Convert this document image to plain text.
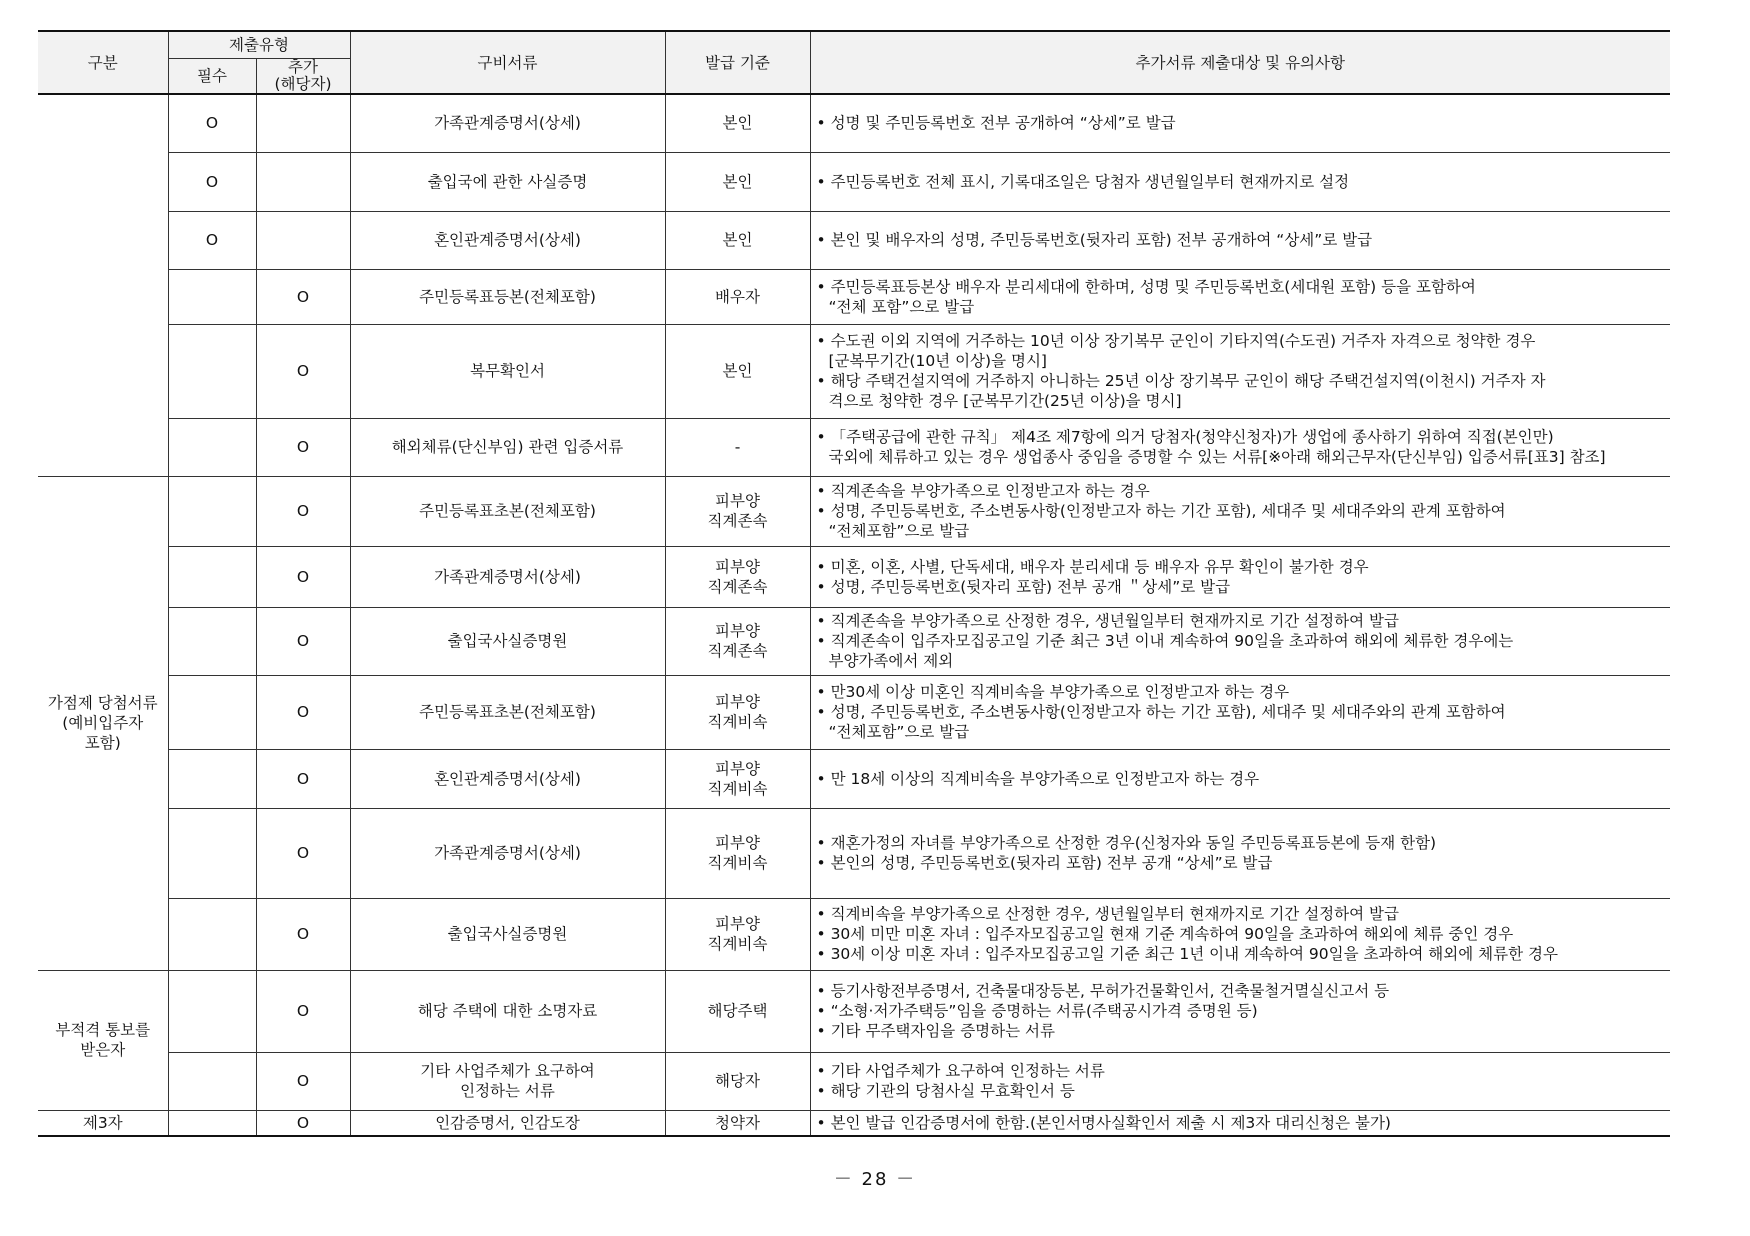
구분	제출유형		구비서류	발급 기준	추가서류 제출대상 및 유의사항
	필수	추가
(해당자)			
	O		가족관계증명서(상세)	본인	• 성명 및 주민등록번호 전부 공개하여 “상세”로 발급

	O		출입국에 관한 사실증명	본인	• 주민등록번호 전체 표시, 기록대조일은 당첨자 생년월일부터 현재까지로 설정

	O		혼인관계증명서(상세)	본인	• 본인 및 배우자의 성명, 주민등록번호(뒷자리 포함) 전부 공개하여 “상세”로 발급

		O	주민등록표등본(전체포함)	배우자	• 주민등록표등본상 배우자 분리세대에 한하며, 성명 및 주민등록번호(세대원 포함) 등을 포함하여
“전체 포함”으로 발급

		O	복무확인서	본인	• 수도권 이외 지역에 거주하는 10년 이상 장기복무 군인이 기타지역(수도권) 거주자 자격으로 청약한 경우
[군복무기간(10년 이상)을 명시]
• 해당 주택건설지역에 거주하지 아니하는 25년 이상 장기복무 군인이 해당 주택건설지역(이천시) 거주자 자
격으로 청약한 경우 [군복무기간(25년 이상)을 명시]

		O	해외체류(단신부임) 관련 입증서류	-	• 「주택공급에 관한 규칙」 제4조 제7항에 의거 당첨자(청약신청자)가 생업에 종사하기 위하여 직접(본인만)
국외에 체류하고 있는 경우 생업종사 중임을 증명할 수 있는 서류[※아래 해외근무자(단신부임) 입증서류[표3] 참조]

가점제 당첨서류
(예비입주자
포함)		O	주민등록표초본(전체포함)	피부양
직계존속	• 직계존속을 부양가족으로 인정받고자 하는 경우
• 성명, 주민등록번호, 주소변동사항(인정받고자 하는 기간 포함), 세대주 및 세대주와의 관계 포함하여
“전체포함”으로 발급

		O	가족관계증명서(상세)	피부양
직계존속	• 미혼, 이혼, 사별, 단독세대, 배우자 분리세대 등 배우자 유무 확인이 불가한 경우
• 성명, 주민등록번호(뒷자리 포함) 전부 공개 ＂상세”로 발급

		O	출입국사실증명원	피부양
직계존속	• 직계존속을 부양가족으로 산정한 경우, 생년월일부터 현재까지로 기간 설정하여 발급
• 직계존속이 입주자모집공고일 기준 최근 3년 이내 계속하여 90일을 초과하여 해외에 체류한 경우에는
부양가족에서 제외

		O	주민등록표초본(전체포함)	피부양
직계비속	• 만30세 이상 미혼인 직계비속을 부양가족으로 인정받고자 하는 경우
• 성명, 주민등록번호, 주소변동사항(인정받고자 하는 기간 포함), 세대주 및 세대주와의 관계 포함하여
“전체포함”으로 발급

		O	혼인관계증명서(상세)	피부양
직계비속	• 만 18세 이상의 직계비속을 부양가족으로 인정받고자 하는 경우

		O	가족관계증명서(상세)	피부양
직계비속	• 재혼가정의 자녀를 부양가족으로 산정한 경우(신청자와 동일 주민등록표등본에 등재 한함)
• 본인의 성명, 주민등록번호(뒷자리 포함) 전부 공개 “상세”로 발급

		O	출입국사실증명원	피부양
직계비속	• 직계비속을 부양가족으로 산정한 경우, 생년월일부터 현재까지로 기간 설정하여 발급
• 30세 미만 미혼 자녀 : 입주자모집공고일 현재 기준 계속하여 90일을 초과하여 해외에 체류 중인 경우
• 30세 이상 미혼 자녀 : 입주자모집공고일 기준 최근 1년 이내 계속하여 90일을 초과하여 해외에 체류한 경우

부적격 통보를
받은자		O	해당 주택에 대한 소명자료	해당주택	• 등기사항전부증명서, 건축물대장등본, 무허가건물확인서, 건축물철거멸실신고서 등
• “소형·저가주택등”임을 증명하는 서류(주택공시가격 증명원 등)
• 기타 무주택자임을 증명하는 서류

		O	기타 사업주체가 요구하여
인정하는 서류	해당자	• 기타 사업주체가 요구하여 인정하는 서류
• 해당 기관의 당첨사실 무효확인서 등

제3자		O	인감증명서, 인감도장	청약자	• 본인 발급 인감증명서에 한함.(본인서명사실확인서 제출 시 제3자 대리신청은 불가)
－ 28 －
